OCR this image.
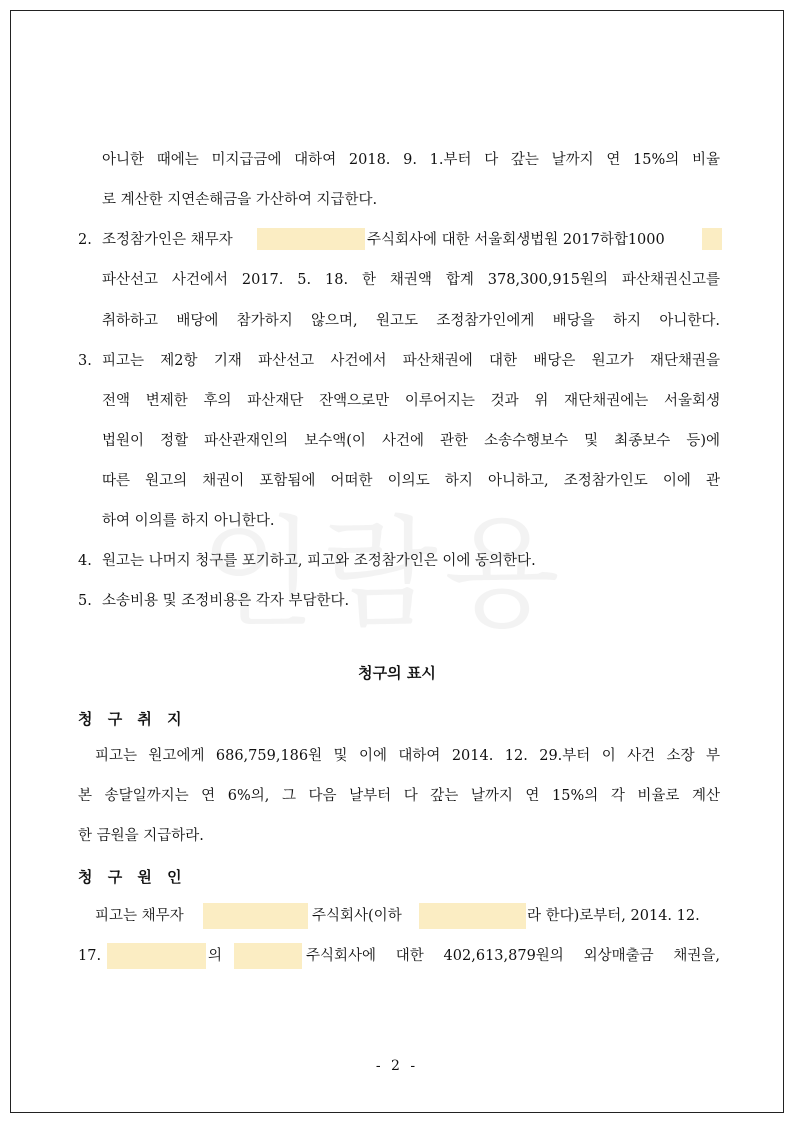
아니한 때에는 미지급금에 대하여 2018. 9. 1.부터 다 갚는 날까지 연 15%의 비율
로 계산한 지연손해금을 가산하여 지급한다.
2. 조정참가인은 채무자	주식회사에 대한 서울회생법원 2017하합1000
파산선고 사건에서 2017. 5. 18. 한 채권액 합계 378,300,915원의 파산채권신고를
취하하고 배당에 참가하지 않으며, 원고도 조정참가인에게 배당을 하지 아니한다.
3. 피고는 제2항 기재 파산선고 사건에서 파산채권에 대한 배당은 원고가 재단채권을
전액 변제한 후의 파산재단 잔액으로만 이루어지는 것과 위 재단채권에는 서울회생
법원이 정할 파산관재인의 보수액(이 사건에 관한 소송수행보수 및 최종보수 등)에
따른 원고의 채권이 포함됨에 어떠한 이의도 하지 아니하고, 조정참가인도 이에 관
하여 이의를 하지 아니한다.
4. 원고는 나머지 청구를 포기하고, 피고와 조정참가인은 이에 동의한다.
5. 소송비용 및 조정비용은 각자 부담한다.
청구의 표시
청 구 취 지
피고는 원고에게 686,759,186원 및 이에 대하여 2014. 12. 29.부터 이 사건 소장 부
본 송달일까지는 연 6%의, 그 다음 날부터 다 갚는 날까지 연 15%의 각 비율로 계산
한 금원을 지급하라.
청 구 원 인
피고는 채무자	주식회사(이하	라 한다)로부터, 2014. 12.
17.	의	주식회사에 대한 402,613,879원의 외상매출금 채권을,
- 2 -
